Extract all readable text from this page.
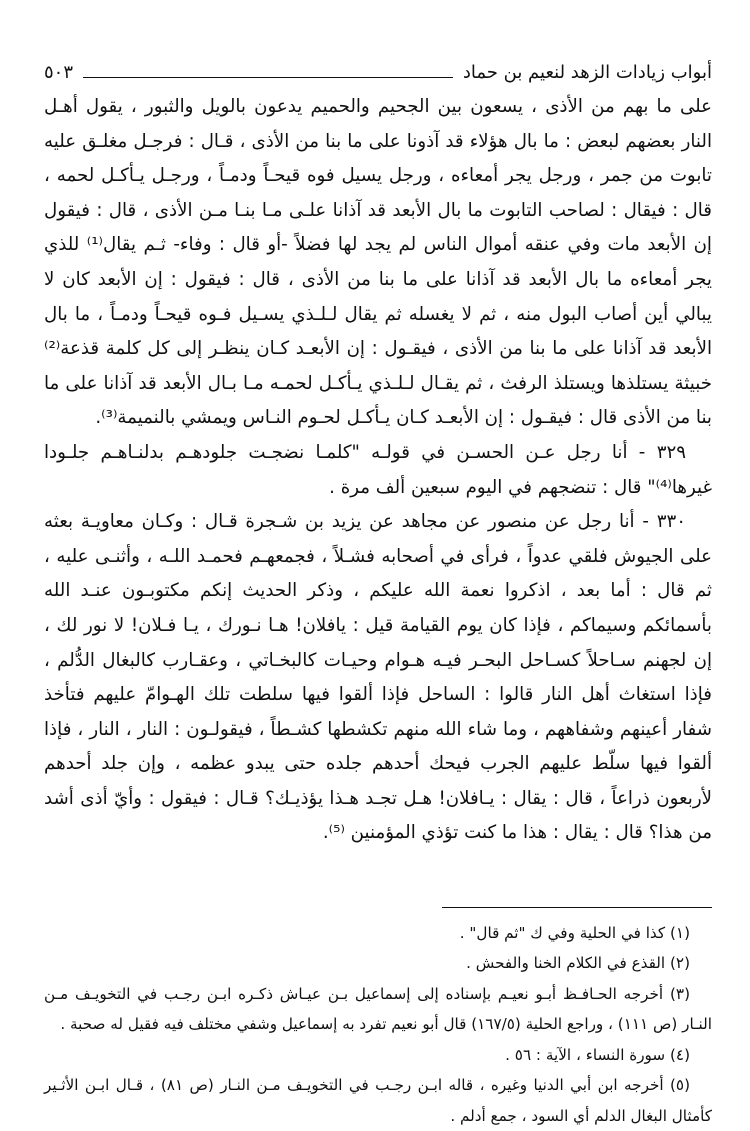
أبواب زيادات الزهد لنعيم بن حماد
٥٠٣

على ما بهم من الأذى ، يسعون بين الجحيم والحميم يدعون بالويل والثبور ، يقول أهـل النار بعضهم لبعض : ما بال هؤلاء قد آذونا على ما بنا من الأذى ، قـال : فرجـل مغلـق عليه تابوت من جمر ، ورجل يجر أمعاءه ، ورجل يسيل فوه قيحـاً ودمـاً ، ورجـل يـأكـل لحمه ، قال : فيقال : لصاحب التابوت ما بال الأبعد قد آذانا علـى مـا بنـا مـن الأذى ، قال : فيقول إن الأبعد مات وفي عنقه أموال الناس لم يجد لها فضلاً -أو قال : وفاء- ثـم يقال⁽¹⁾ للذي يجر أمعاءه ما بال الأبعد قد آذانا على ما بنا من الأذى ، قال : فيقول : إن الأبعد كان لا يبالي أين أصاب البول منه ، ثم لا يغسله ثم يقال لـلـذي يسـيل فـوه قيحـاً ودمـاً ، ما بال الأبعد قد آذانا على ما بنا من الأذى ، فيقـول : إن الأبعـد كـان ينظـر إلى كل كلمة قذعة⁽²⁾ خبيثة يستلذها ويستلذ الرفث ، ثم يقـال لـلـذي يـأكـل لحمـه مـا بـال الأبعد قد آذانا على ما بنا من الأذى قال : فيقـول : إن الأبعـد كـان يـأكـل لحـوم النـاس ويمشي بالنميمة⁽³⁾.

٣٢٩ - أنا رجل عـن الحسـن في قولـه "كلمـا نضجـت جلودهـم بدلنـاهـم جلـودا غيرها⁽⁴⁾" قال : تنضجهم في اليوم سبعين ألف مرة .

٣٣٠ - أنا رجل عن منصور عن مجاهد عن يزيد بن شـجرة قـال : وكـان معاويـة بعثه على الجيوش فلقي عدواً ، فرأى في أصحابه فشـلاً ، فجمعهـم فحمـد اللـه ، وأثنـى عليه ، ثم قال : أما بعد ، اذكروا نعمة الله عليكم ، وذكر الحديث إنكم مكتوبـون عنـد الله بأسمائكم وسيماكم ، فإذا كان يوم القيامة قيل : يافلان! هـا نـورك ، يـا فـلان! لا نور لك ، إن لجهنم سـاحلاً كسـاحل البحـر فيـه هـوام وحيـات كالبخـاتي ، وعقـارب كالبغال الدُّلم ، فإذا استغاث أهل النار قالوا : الساحل فإذا ألقوا فيها سلطت تلك الهـوامّ عليهم فتأخذ شفار أعينهم وشفاههم ، وما شاء الله منهم تكشطها كشـطاً ، فيقولـون : النار ، النار ، فإذا ألقوا فيها سلّط عليهم الجرب فيحك أحدهم جلده حتى يبدو عظمه ، وإن جلد أحدهم لأربعون ذراعاً ، قال : يقال : يـافلان! هـل تجـد هـذا يؤذيـك؟ قـال : فيقول : وأيّ أذى أشد من هذا؟ قال : يقال : هذا ما كنت تؤذي المؤمنين ⁽⁵⁾.

(١) كذا في الحلية وفي ك "ثم قال" .

(٢) القذع في الكلام الخنا والفحش .

(٣) أخرجه الحـافـظ أبـو نعيـم بإسناده إلى إسماعيل بـن عيـاش ذكـره ابـن رجـب في التخويـف مـن النـار (ص ١١١) ، وراجع الحلية (١٦٧/٥) قال أبو نعيم تفرد به إسماعيل وشفي مختلف فيه فقيل له صحبة .

(٤) سورة النساء ، الآية : ٥٦ .

(٥) أخرجه ابن أبي الدنيا وغيره ، قاله ابـن رجـب في التخويـف مـن النـار (ص ٨١) ، قـال ابـن الأثـير كأمثال البغال الدلم أي السود ، جمع أدلم .
